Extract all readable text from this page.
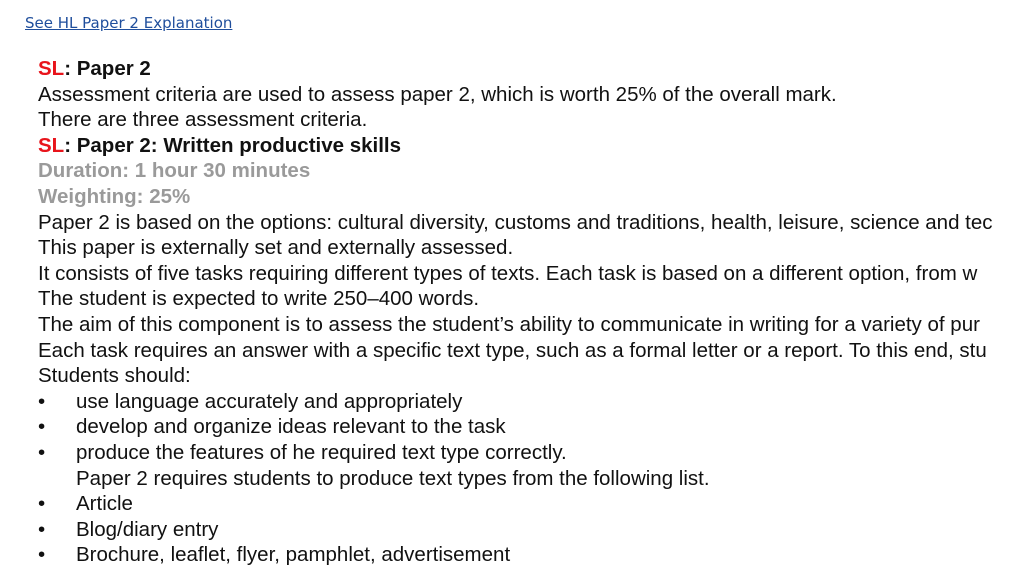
See HL Paper 2 Explanation
SL: Paper 2
Assessment criteria are used to assess paper 2, which is worth 25% of the overall mark.
There are three assessment criteria.
SL: Paper 2: Written productive skills
Duration: 1 hour 30 minutes
Weighting: 25%
Paper 2 is based on the options: cultural diversity, customs and traditions, health, leisure, science and tec
This paper is externally set and externally assessed.
It consists of five tasks requiring different types of texts. Each task is based on a different option, from w
The student is expected to write 250–400 words.
The aim of this component is to assess the student’s ability to communicate in writing for a variety of pur
Each task requires an answer with a specific text type, such as a formal letter or a report. To this end, stu
Students should:
• use language accurately and appropriately
• develop and organize ideas relevant to the task
• produce the features of he required text type correctly.
Paper 2 requires students to produce text types from the following list.
• Article
• Blog/diary entry
• Brochure, leaflet, flyer, pamphlet, advertisement
